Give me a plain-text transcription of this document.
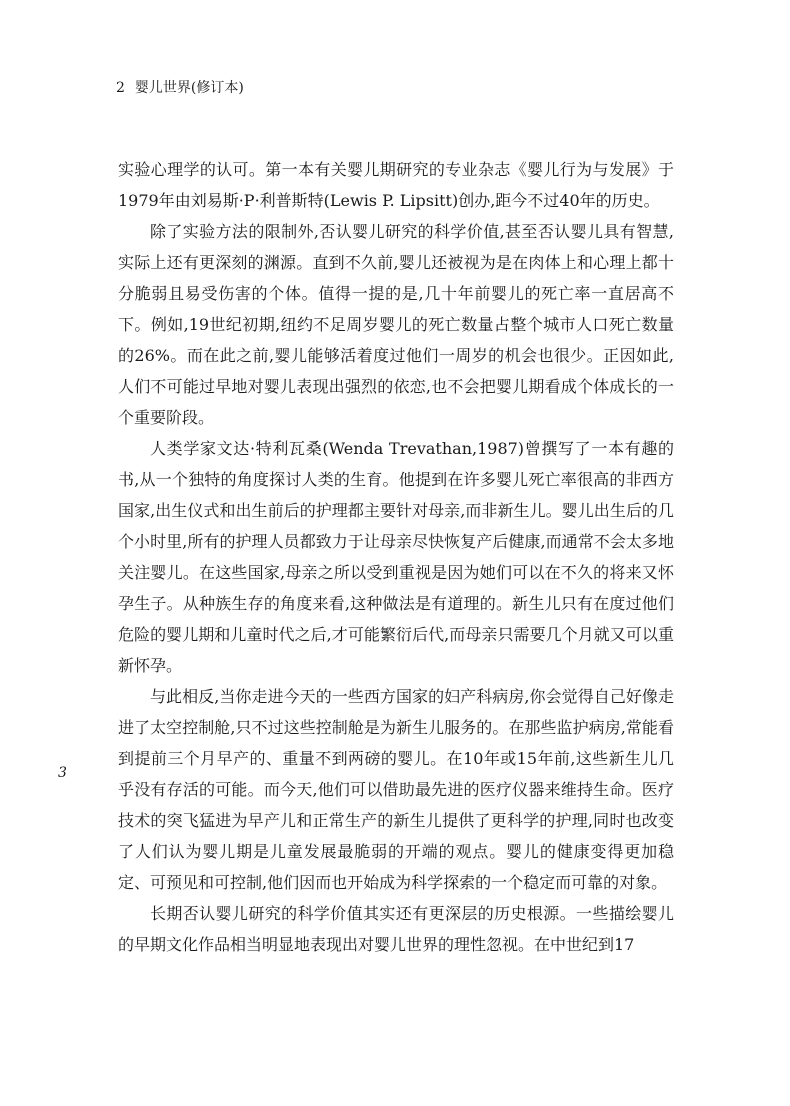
2 婴儿世界(修订本)
3

实验心理学的认可。第一本有关婴儿期研究的专业杂志《婴儿行为与发展》于1979年由刘易斯·P·利普斯特(Lewis P. Lipsitt)创办,距今不过40年的历史。

除了实验方法的限制外,否认婴儿研究的科学价值,甚至否认婴儿具有智慧,实际上还有更深刻的渊源。直到不久前,婴儿还被视为是在肉体上和心理上都十分脆弱且易受伤害的个体。值得一提的是,几十年前婴儿的死亡率一直居高不下。例如,19世纪初期,纽约不足周岁婴儿的死亡数量占整个城市人口死亡数量的26%。而在此之前,婴儿能够活着度过他们一周岁的机会也很少。正因如此,人们不可能过早地对婴儿表现出强烈的依恋,也不会把婴儿期看成个体成长的一个重要阶段。

人类学家文达·特利瓦桑(Wenda Trevathan,1987)曾撰写了一本有趣的书,从一个独特的角度探讨人类的生育。他提到在许多婴儿死亡率很高的非西方国家,出生仪式和出生前后的护理都主要针对母亲,而非新生儿。婴儿出生后的几个小时里,所有的护理人员都致力于让母亲尽快恢复产后健康,而通常不会太多地关注婴儿。在这些国家,母亲之所以受到重视是因为她们可以在不久的将来又怀孕生子。从种族生存的角度来看,这种做法是有道理的。新生儿只有在度过他们危险的婴儿期和儿童时代之后,才可能繁衍后代,而母亲只需要几个月就又可以重新怀孕。

与此相反,当你走进今天的一些西方国家的妇产科病房,你会觉得自己好像走进了太空控制舱,只不过这些控制舱是为新生儿服务的。在那些监护病房,常能看到提前三个月早产的、重量不到两磅的婴儿。在10年或15年前,这些新生儿几乎没有存活的可能。而今天,他们可以借助最先进的医疗仪器来维持生命。医疗技术的突飞猛进为早产儿和正常生产的新生儿提供了更科学的护理,同时也改变了人们认为婴儿期是儿童发展最脆弱的开端的观点。婴儿的健康变得更加稳定、可预见和可控制,他们因而也开始成为科学探索的一个稳定而可靠的对象。

长期否认婴儿研究的科学价值其实还有更深层的历史根源。一些描绘婴儿的早期文化作品相当明显地表现出对婴儿世界的理性忽视。在中世纪到17
